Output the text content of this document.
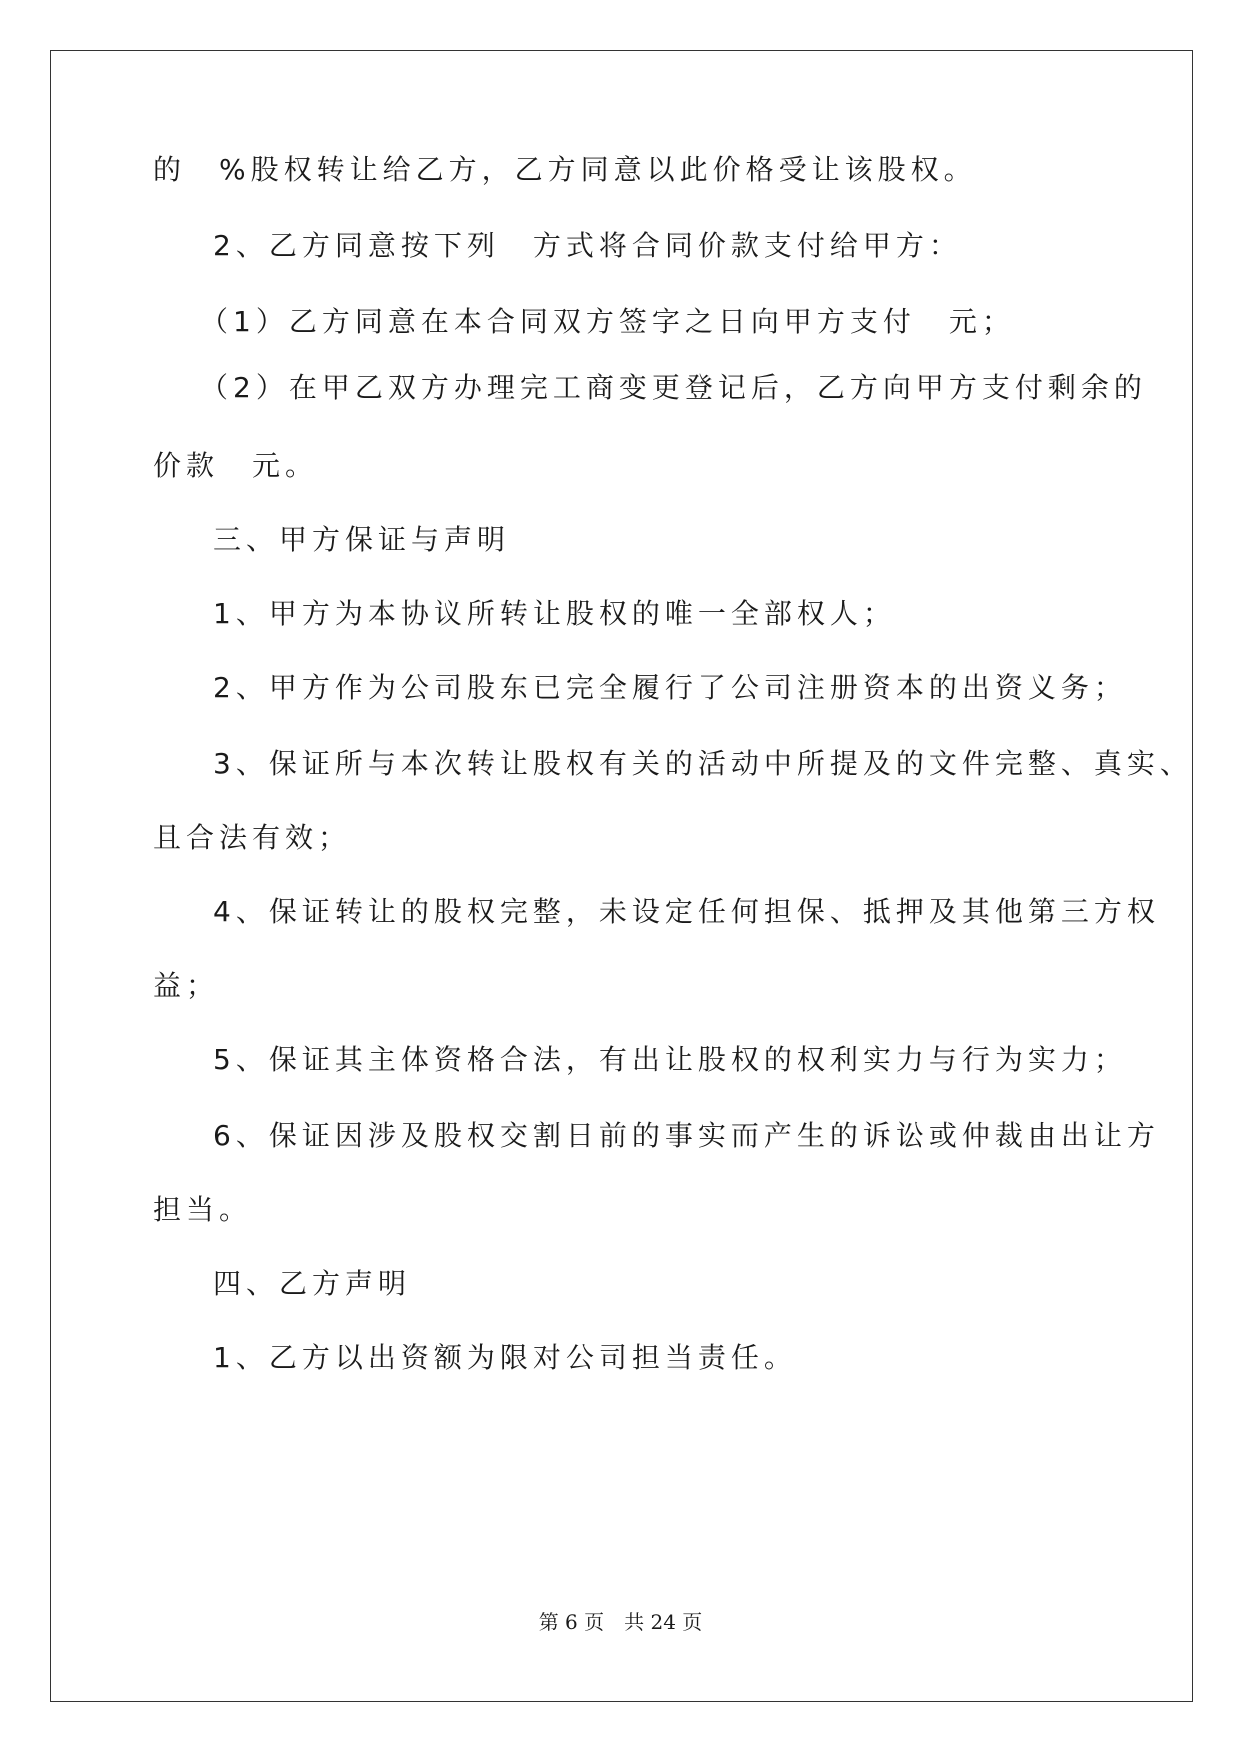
的　%股权转让给乙方，乙方同意以此价格受让该股权。
2、乙方同意按下列　方式将合同价款支付给甲方：
（1）乙方同意在本合同双方签字之日向甲方支付　元；
（2）在甲乙双方办理完工商变更登记后，乙方向甲方支付剩余的
价款　元。
三、甲方保证与声明
1、甲方为本协议所转让股权的唯一全部权人；
2、甲方作为公司股东已完全履行了公司注册资本的出资义务；
3、保证所与本次转让股权有关的活动中所提及的文件完整、真实、
且合法有效；
4、保证转让的股权完整，未设定任何担保、抵押及其他第三方权
益；
5、保证其主体资格合法，有出让股权的权利实力与行为实力；
6、保证因涉及股权交割日前的事实而产生的诉讼或仲裁由出让方
担当。
四、乙方声明
1、乙方以出资额为限对公司担当责任。
第 6 页　共 24 页
